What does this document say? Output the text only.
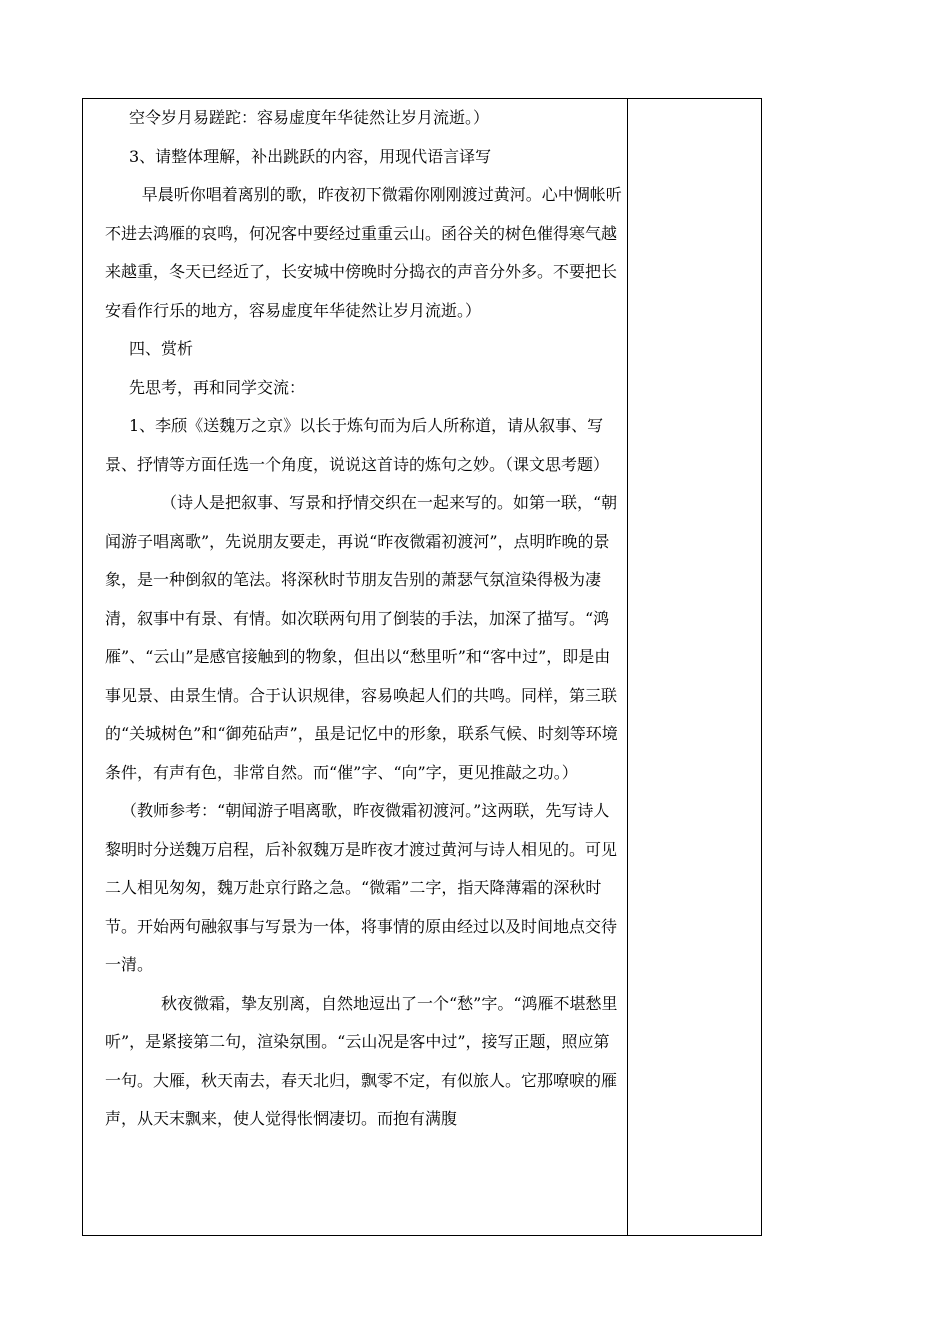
空令岁月易蹉跎：容易虚度年华徒然让岁月流逝。）

3、请整体理解，补出跳跃的内容，用现代语言译写

早晨听你唱着离别的歌，昨夜初下微霜你刚刚渡过黄河。心中惆帐听不进去鸿雁的哀鸣，何况客中要经过重重云山。函谷关的树色催得寒气越来越重，冬天已经近了，长安城中傍晚时分捣衣的声音分外多。不要把长安看作行乐的地方，容易虚度年华徒然让岁月流逝。）

四、赏析

先思考，再和同学交流：

1、李颀《送魏万之京》以长于炼句而为后人所称道，请从叙事、写景、抒情等方面任选一个角度，说说这首诗的炼句之妙。（课文思考题）

（诗人是把叙事、写景和抒情交织在一起来写的。如第一联，“朝闻游子唱离歌”，先说朋友要走，再说“昨夜微霜初渡河”，点明昨晚的景象，是一种倒叙的笔法。将深秋时节朋友告别的萧瑟气氛渲染得极为凄清，叙事中有景、有情。如次联两句用了倒装的手法，加深了描写。“鸿雁”、“云山”是感官接触到的物象，但出以“愁里听”和“客中过”，即是由事见景、由景生情。合于认识规律，容易唤起人们的共鸣。同样，第三联的“关城树色”和“御苑砧声”，虽是记忆中的形象，联系气候、时刻等环境条件，有声有色，非常自然。而“催”字、“向”字，更见推敲之功。）

（教师参考：“朝闻游子唱离歌，昨夜微霜初渡河。”这两联，先写诗人黎明时分送魏万启程，后补叙魏万是昨夜才渡过黄河与诗人相见的。可见二人相见匆匆，魏万赴京行路之急。“微霜”二字，指天降薄霜的深秋时节。开始两句融叙事与写景为一体，将事情的原由经过以及时间地点交待一清。

秋夜微霜，挚友别离，自然地逗出了一个“愁”字。“鸿雁不堪愁里听”，是紧接第二句，渲染氛围。“云山况是客中过”，接写正题，照应第一句。大雁，秋天南去，春天北归，飘零不定，有似旅人。它那嘹唳的雁声，从天末飘来，使人觉得怅惘凄切。而抱有满腹
